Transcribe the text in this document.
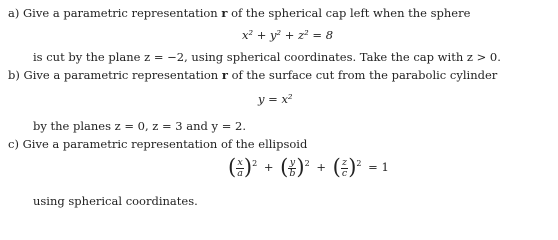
a) Give a parametric representation r of the spherical cap left when the sphere
x² + y² + z² = 8
is cut by the plane z = −2, using spherical coordinates. Take the cap with z > 0.
b) Give a parametric representation r of the surface cut from the parabolic cylinder
y = x²
by the planes z = 0, z = 3 and y = 2.
c) Give a parametric representation of the ellipsoid
( $\frac{x}{a} )^2$ + ( $\frac{y}{b} )^2$ + ( $\frac{z}{c} )^2 = 1$
using spherical coordinates.
